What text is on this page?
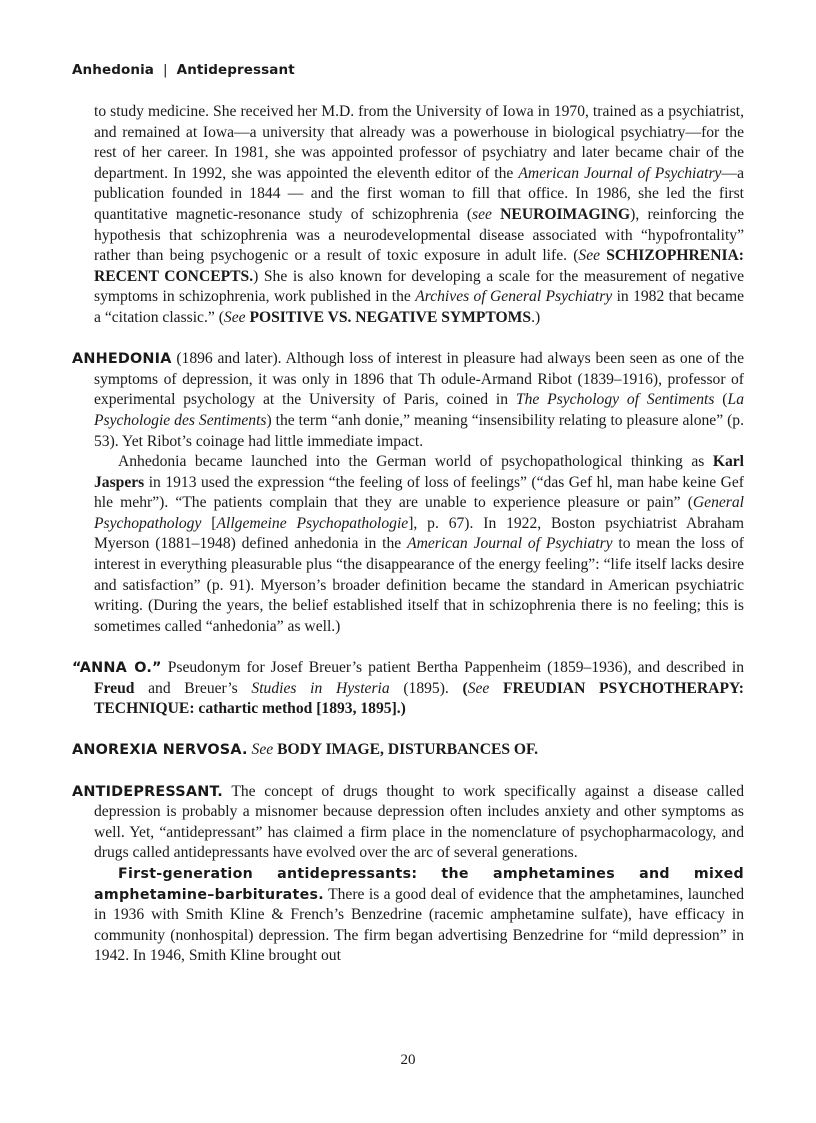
Anhedonia | Antidepressant

to study medicine. She received her M.D. from the University of Iowa in 1970, trained as a psychiatrist, and remained at Iowa—a university that already was a powerhouse in biological psychiatry—for the rest of her career. In 1981, she was appointed professor of psychiatry and later became chair of the department. In 1992, she was appointed the eleventh editor of the American Journal of Psychiatry—a publication founded in 1844 — and the first woman to fill that office. In 1986, she led the first quantitative magnetic-resonance study of schizophrenia (see NEUROIMAGING), reinforcing the hypothesis that schizophrenia was a neurodevelopmental disease associated with “hypofrontality” rather than being psychogenic or a result of toxic exposure in adult life. (See SCHIZOPHRENIA: RECENT CONCEPTS.) She is also known for developing a scale for the measurement of negative symptoms in schizophrenia, work published in the Archives of General Psychiatry in 1982 that became a “citation classic.” (See POSITIVE VS. NEGATIVE SYMPTOMS.)

ANHEDONIA (1896 and later). Although loss of interest in pleasure had always been seen as one of the symptoms of depression, it was only in 1896 that Th odule-Armand Ribot (1839–1916), professor of experimental psychology at the University of Paris, coined in The Psychology of Sentiments (La Psychologie des Sentiments) the term “anh donie,” meaning “insensibility relating to pleasure alone” (p. 53). Yet Ribot’s coinage had little immediate impact.

Anhedonia became launched into the German world of psychopathological thinking as Karl Jaspers in 1913 used the expression “the feeling of loss of feelings” (“das Gef hl, man habe keine Gef hle mehr”). “The patients complain that they are unable to experience pleasure or pain” (General Psychopathology [Allgemeine Psychopathologie], p. 67). In 1922, Boston psychiatrist Abraham Myerson (1881–1948) defined anhedonia in the American Journal of Psychiatry to mean the loss of interest in everything pleasurable plus “the disappearance of the energy feeling”: “life itself lacks desire and satisfaction” (p. 91). Myerson’s broader definition became the standard in American psychiatric writing. (During the years, the belief established itself that in schizophrenia there is no feeling; this is sometimes called “anhedonia” as well.)

“ANNA O.” Pseudonym for Josef Breuer’s patient Bertha Pappenheim (1859–1936), and described in Freud and Breuer’s Studies in Hysteria (1895). (See FREUDIAN PSYCHOTHERAPY: TECHNIQUE: cathartic method [1893, 1895].)

ANOREXIA NERVOSA. See BODY IMAGE, DISTURBANCES OF.

ANTIDEPRESSANT. The concept of drugs thought to work specifically against a disease called depression is probably a misnomer because depression often includes anxiety and other symptoms as well. Yet, “antidepressant” has claimed a firm place in the nomenclature of psychopharmacology, and drugs called antidepressants have evolved over the arc of several generations.

First-generation antidepressants: the amphetamines and mixed amphetamine–barbiturates. There is a good deal of evidence that the amphetamines, launched in 1936 with Smith Kline & French’s Benzedrine (racemic amphetamine sulfate), have efficacy in community (nonhospital) depression. The firm began advertising Benzedrine for “mild depression” in 1942. In 1946, Smith Kline brought out

20
